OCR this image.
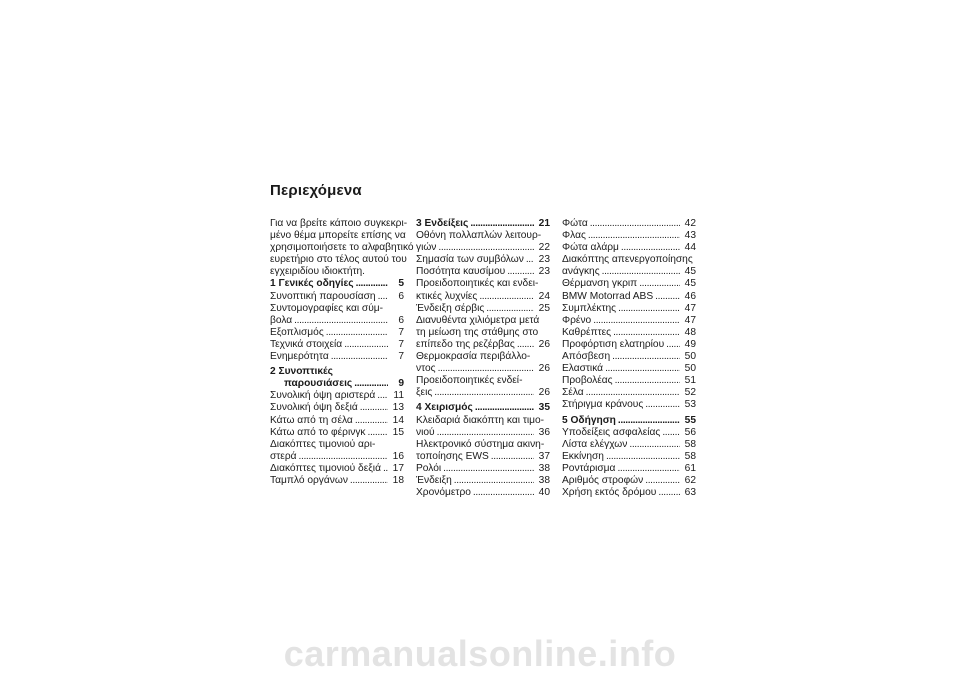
Περιεχόμενα
Για να βρείτε κάποιο συγκεκρι-
μένο θέμα μπορείτε επίσης να
χρησιμοποιήσετε το αλφαβητικό
ευρετήριο στο τέλος αυτού του
εγχειριδίου ιδιοκτήτη.
1 Γενικές οδηγίες . . .	5
Συνοπτική παρουσίαση . . .	6
Συντομογραφίες και σύμ-
βολα . . .	6
Εξοπλισμός . . .	7
Τεχνικά στοιχεία . . .	7
Ενημερότητα . . .	7
2 Συνοπτικές
παρουσιάσεις . . .	9
Συνολική όψη αριστερά . . .	11
Συνολική όψη δεξιά . . .	13
Κάτω από τη σέλα . . .	14
Κάτω από το φέρινγκ . . .	15
Διακόπτες τιμονιού αρι-
στερά . . .	16
Διακόπτες τιμονιού δεξιά . . . 17
Ταμπλό οργάνων . . .	18
3 Ενδείξεις . . .	21
Οθόνη πολλαπλών λειτουρ-
γιών . . .	22
Σημασία των συμβόλων . . . 23
Ποσότητα καυσίμου . . .	23
Προειδοποιητικές και ενδει-
κτικές λυχνίες . . .	24
Ένδειξη σέρβις . . .	25
Διανυθέντα χιλιόμετρα μετά
τη μείωση της στάθμης στο
επίπεδο της ρεζέρβας . . . 26
Θερμοκρασία περιβάλλο-
ντος . . .	26
Προειδοποιητικές ενδεί-
ξεις . . .	26
4 Χειρισμός . . .	35
Κλειδαριά διακόπτη και τιμο-
νιού . . .	36
Ηλεκτρονικό σύστημα ακινη-
τοποίησης EWS . . .	37
Ρολόι . . .	38
Ένδειξη . . .	38
Χρονόμετρο . . .	40
Φώτα . . .	42
Φλας . . .	43
Φώτα αλάρμ . . .	44
Διακόπτης απενεργοποίησης
ανάγκης . . .	45
Θέρμανση γκριπ . . .	45
BMW Motorrad ABS . . .	46
Συμπλέκτης . . .	47
Φρένο . . .	47
Καθρέπτες . . .	48
Προφόρτιση ελατηρίου . . . 49
Απόσβεση . . .	50
Ελαστικά . . .	50
Προβολέας . . .	51
Σέλα . . .	52
Στήριγμα κράνους . . .	53
5 Οδήγηση . . .	55
Υποδείξεις ασφαλείας . . . 56
Λίστα ελέγχων . . .	58
Εκκίνηση . . .	58
Ροντάρισμα . . .	61
Αριθμός στροφών . . .	62
Χρήση εκτός δρόμου . . .	63
carmanualsonline.info
